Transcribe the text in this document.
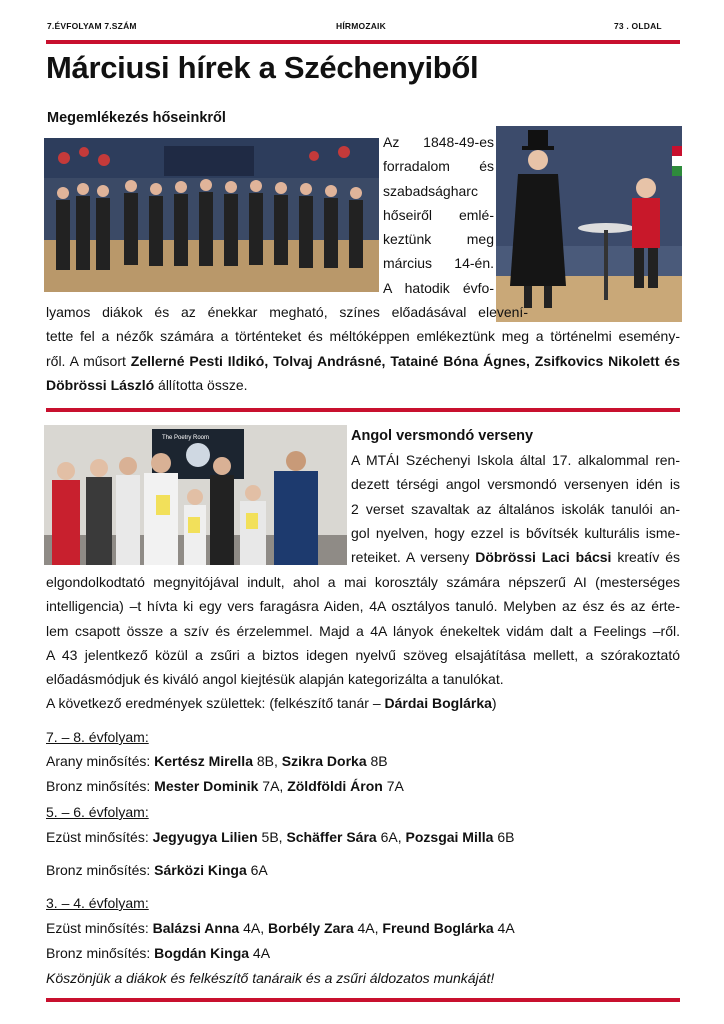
7.ÉVFOLYAM 7.SZÁM	HÍRMOZAIK	73 . OLDAL
Márciusi hírek a Széchenyiből
Megemlékezés hőseinkről
Az 1848-49-es
forradalom és
szabadságharc
hőseiről emlé-
keztünk meg
március 14-én.
A hatodik évfo-
lyamos diákok és az énekkar megható, színes előadásával elevení-
tette fel a nézők számára a történteket és méltóképpen emlékeztünk meg a történelmi esemény-
ről. A műsort Zellerné Pesti Ildikó, Tolvaj Andrásné, Tatainé Bóna Ágnes, Zsifkovics Nikolett és
Döbrössi László állította össze.
The Poetry Room	Angol versmondó verseny
A MTÁI Széchenyi Iskola által 17. alkalommal ren-
dezett térségi angol versmondó versenyen idén is
2 verset szavaltak az általános iskolák tanulói an-
gol nyelven, hogy ezzel is bővítsék kulturális isme-
reteiket. A verseny Döbrössi Laci bácsi kreatív és
elgondolkodtató megnyitójával indult, ahol a mai korosztály számára népszerű AI (mesterséges
intelligencia) –t hívta ki egy vers faragásra Aiden, 4A osztályos tanuló. Melyben az ész és az érte-
lem csapott össze a szív és érzelemmel. Majd a 4A lányok énekeltek vidám dalt a Feelings –ről.
A 43 jelentkező közül a zsűri a biztos idegen nyelvű szöveg elsajátítása mellett, a szórakoztató
előadásmódjuk és kiváló angol kiejtésük alapján kategorizálta a tanulókat.
A következő eredmények születtek: (felkészítő tanár – Dárdai Boglárka)
7. – 8. évfolyam:
Arany minősítés: Kertész Mirella 8B, Szikra Dorka 8B
Bronz minősítés: Mester Dominik 7A, Zöldföldi Áron 7A
5. – 6. évfolyam:
Ezüst minősítés: Jegyugya Lilien 5B, Schäffer Sára 6A, Pozsgai Milla 6B
Bronz minősítés: Sárközi Kinga 6A
3. – 4. évfolyam:
Ezüst minősítés: Balázsi Anna 4A, Borbély Zara 4A, Freund Boglárka 4A
Bronz minősítés: Bogdán Kinga 4A
Köszönjük a diákok és felkészítő tanáraik és a zsűri áldozatos munkáját!
